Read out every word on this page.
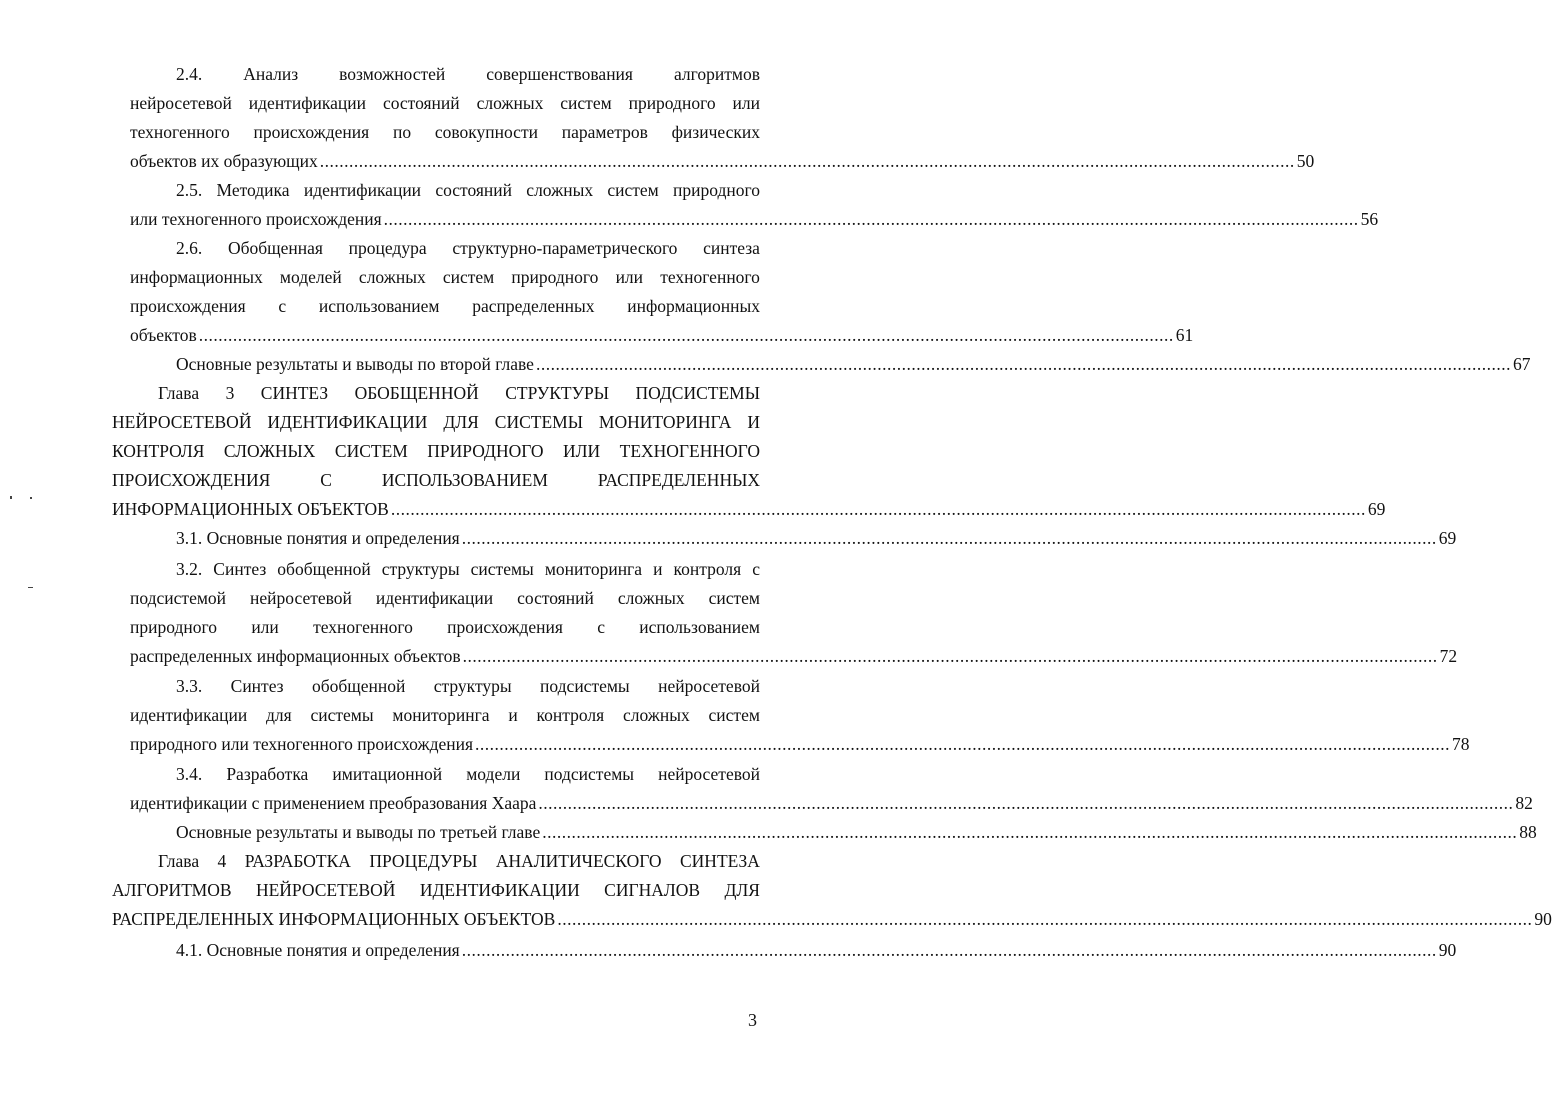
2.4. Анализ возможностей совершенствования алгоритмов
нейросетевой идентификации состояний сложных систем природного или
техногенного происхождения по совокупности параметров физических
объектов их образующих ........................................................................................................................................................................................................ 50
2.5. Методика идентификации состояний сложных систем природного
или техногенного происхождения ........................................................................................................................................................................................................ 56
2.6. Обобщенная процедура структурно-параметрического синтеза
информационных моделей сложных систем природного или техногенного
происхождения с использованием распределенных информационных
объектов ........................................................................................................................................................................................................ 61
Основные результаты и выводы по второй главе ........................................................................................................................................................................................................ 67
Глава 3 СИНТЕЗ ОБОБЩЕННОЙ СТРУКТУРЫ ПОДСИСТЕМЫ
НЕЙРОСЕТЕВОЙ ИДЕНТИФИКАЦИИ ДЛЯ СИСТЕМЫ МОНИТОРИНГА И
КОНТРОЛЯ СЛОЖНЫХ СИСТЕМ ПРИРОДНОГО ИЛИ ТЕХНОГЕННОГО
ПРОИСХОЖДЕНИЯ	С	ИСПОЛЬЗОВАНИЕМ	РАСПРЕДЕЛЕННЫХ
ИНФОРМАЦИОННЫХ ОБЪЕКТОВ ........................................................................................................................................................................................................ 69
3.1. Основные понятия и определения ........................................................................................................................................................................................................ 69
3.2. Синтез обобщенной структуры системы мониторинга и контроля с
подсистемой нейросетевой идентификации состояний сложных систем
природного или техногенного происхождения с использованием
распределенных информационных объектов ........................................................................................................................................................................................................ 72
3.3. Синтез обобщенной структуры подсистемы нейросетевой
идентификации для системы мониторинга и контроля сложных систем
природного или техногенного происхождения ........................................................................................................................................................................................................ 78
3.4. Разработка имитационной модели подсистемы нейросетевой
идентификации с применением преобразования Хаара ........................................................................................................................................................................................................ 82
Основные результаты и выводы по третьей главе ........................................................................................................................................................................................................ 88
Глава 4 РАЗРАБОТКА ПРОЦЕДУРЫ АНАЛИТИЧЕСКОГО СИНТЕЗА
АЛГОРИТМОВ НЕЙРОСЕТЕВОЙ ИДЕНТИФИКАЦИИ СИГНАЛОВ ДЛЯ
РАСПРЕДЕЛЕННЫХ ИНФОРМАЦИОННЫХ ОБЪЕКТОВ ........................................................................................................................................................................................................ 90
4.1. Основные понятия и определения ........................................................................................................................................................................................................ 90
3
